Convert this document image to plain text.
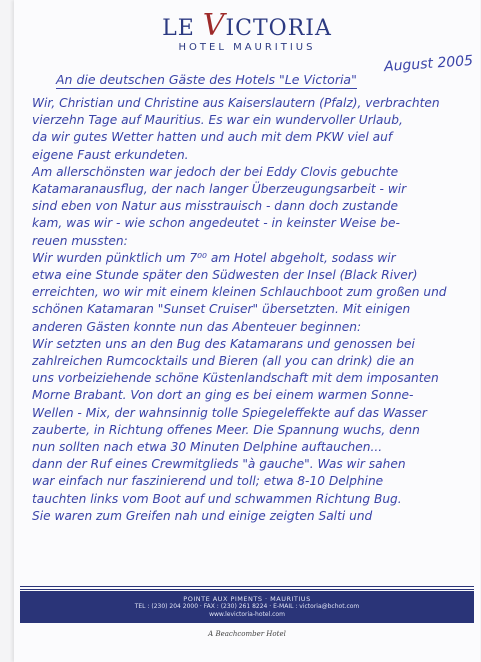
LE VICTORIA
HOTEL MAURITIUS
August 2005
An die deutschen Gäste des Hotels "Le Victoria"
Wir, Christian und Christine aus Kaiserslautern (Pfalz), verbrachten
vierzehn Tage auf Mauritius. Es war ein wundervoller Urlaub,
da wir gutes Wetter hatten und auch mit dem PKW viel auf
eigene Faust erkundeten.
Am allerschönsten war jedoch der bei Eddy Clovis gebuchte
Katamaranausflug, der nach langer Überzeugungsarbeit - wir
sind eben von Natur aus misstrauisch - dann doch zustande
kam, was wir - wie schon angedeutet - in keinster Weise be-
reuen mussten:
Wir wurden pünktlich um 7⁰⁰ am Hotel abgeholt, sodass wir
etwa eine Stunde später den Südwesten der Insel (Black River)
erreichten, wo wir mit einem kleinen Schlauchboot zum großen und
schönen Katamaran "Sunset Cruiser" übersetzten. Mit einigen
anderen Gästen konnte nun das Abenteuer beginnen:
Wir setzten uns an den Bug des Katamarans und genossen bei
zahlreichen Rumcocktails und Bieren (all you can drink) die an
uns vorbeiziehende schöne Küstenlandschaft mit dem imposanten
Morne Brabant. Von dort an ging es bei einem warmen Sonne-
Wellen - Mix, der wahnsinnig tolle Spiegeleffekte auf das Wasser
zauberte, in Richtung offenes Meer. Die Spannung wuchs, denn
nun sollten nach etwa 30 Minuten Delphine auftauchen...
dann der Ruf eines Crewmitglieds "à gauche". Was wir sahen
war einfach nur faszinierend und toll; etwa 8-10 Delphine
tauchten links vom Boot auf und schwammen Richtung Bug.
Sie waren zum Greifen nah und einige zeigten Salti und
POINTE AUX PIMENTS · MAURITIUS
TEL : (230) 204 2000 · FAX : (230) 261 8224 · E-MAIL : victoria@bchot.com
www.levictoria-hotel.com
A Beachcomber Hotel
